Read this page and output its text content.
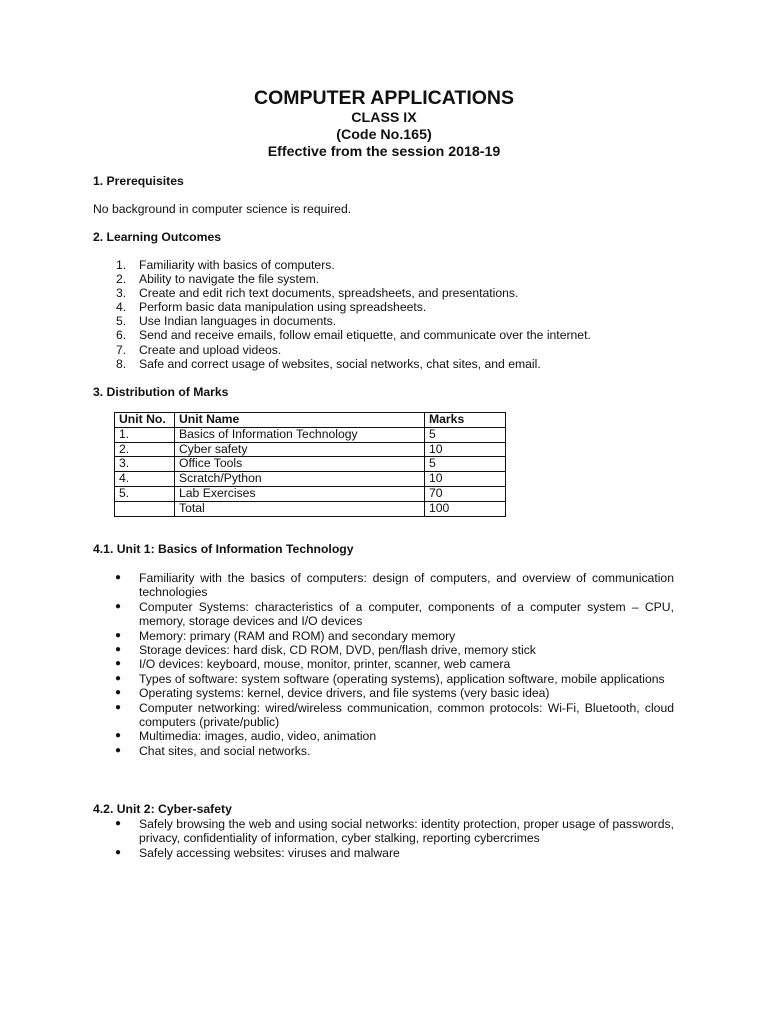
COMPUTER APPLICATIONS

CLASS IX

(Code No.165)

Effective from the session 2018-19

1. Prerequisites

No background in computer science is required.

2. Learning Outcomes
1. Familiarity with basics of computers.
2. Ability to navigate the file system.
3. Create and edit rich text documents, spreadsheets, and presentations.
4. Perform basic data manipulation using spreadsheets.
5. Use Indian languages in documents.
6. Send and receive emails, follow email etiquette, and communicate over the internet.
7. Create and upload videos.
8. Safe and correct usage of websites, social networks, chat sites, and email.
3. Distribution of Marks
Unit No.	Unit Name	Marks
1.	Basics of Information Technology	5
2.	Cyber safety	10
3.	Office Tools	5
4.	Scratch/Python	10
5.	Lab Exercises	70
	Total	100
4.1. Unit 1: Basics of Information Technology
● Familiarity with the basics of computers: design of computers, and overview of communication technologies
● Computer Systems: characteristics of a computer, components of a computer system – CPU, memory, storage devices and I/O devices
● Memory: primary (RAM and ROM) and secondary memory
● Storage devices: hard disk, CD ROM, DVD, pen/flash drive, memory stick
● I/O devices: keyboard, mouse, monitor, printer, scanner, web camera
● Types of software: system software (operating systems), application software, mobile applications
● Operating systems: kernel, device drivers, and file systems (very basic idea)
● Computer networking: wired/wireless communication, common protocols: Wi-Fi, Bluetooth, cloud computers (private/public)
● Multimedia: images, audio, video, animation
● Chat sites, and social networks.
4.2. Unit 2: Cyber-safety
● Safely browsing the web and using social networks: identity protection, proper usage of passwords, privacy, confidentiality of information, cyber stalking, reporting cybercrimes
● Safely accessing websites: viruses and malware
